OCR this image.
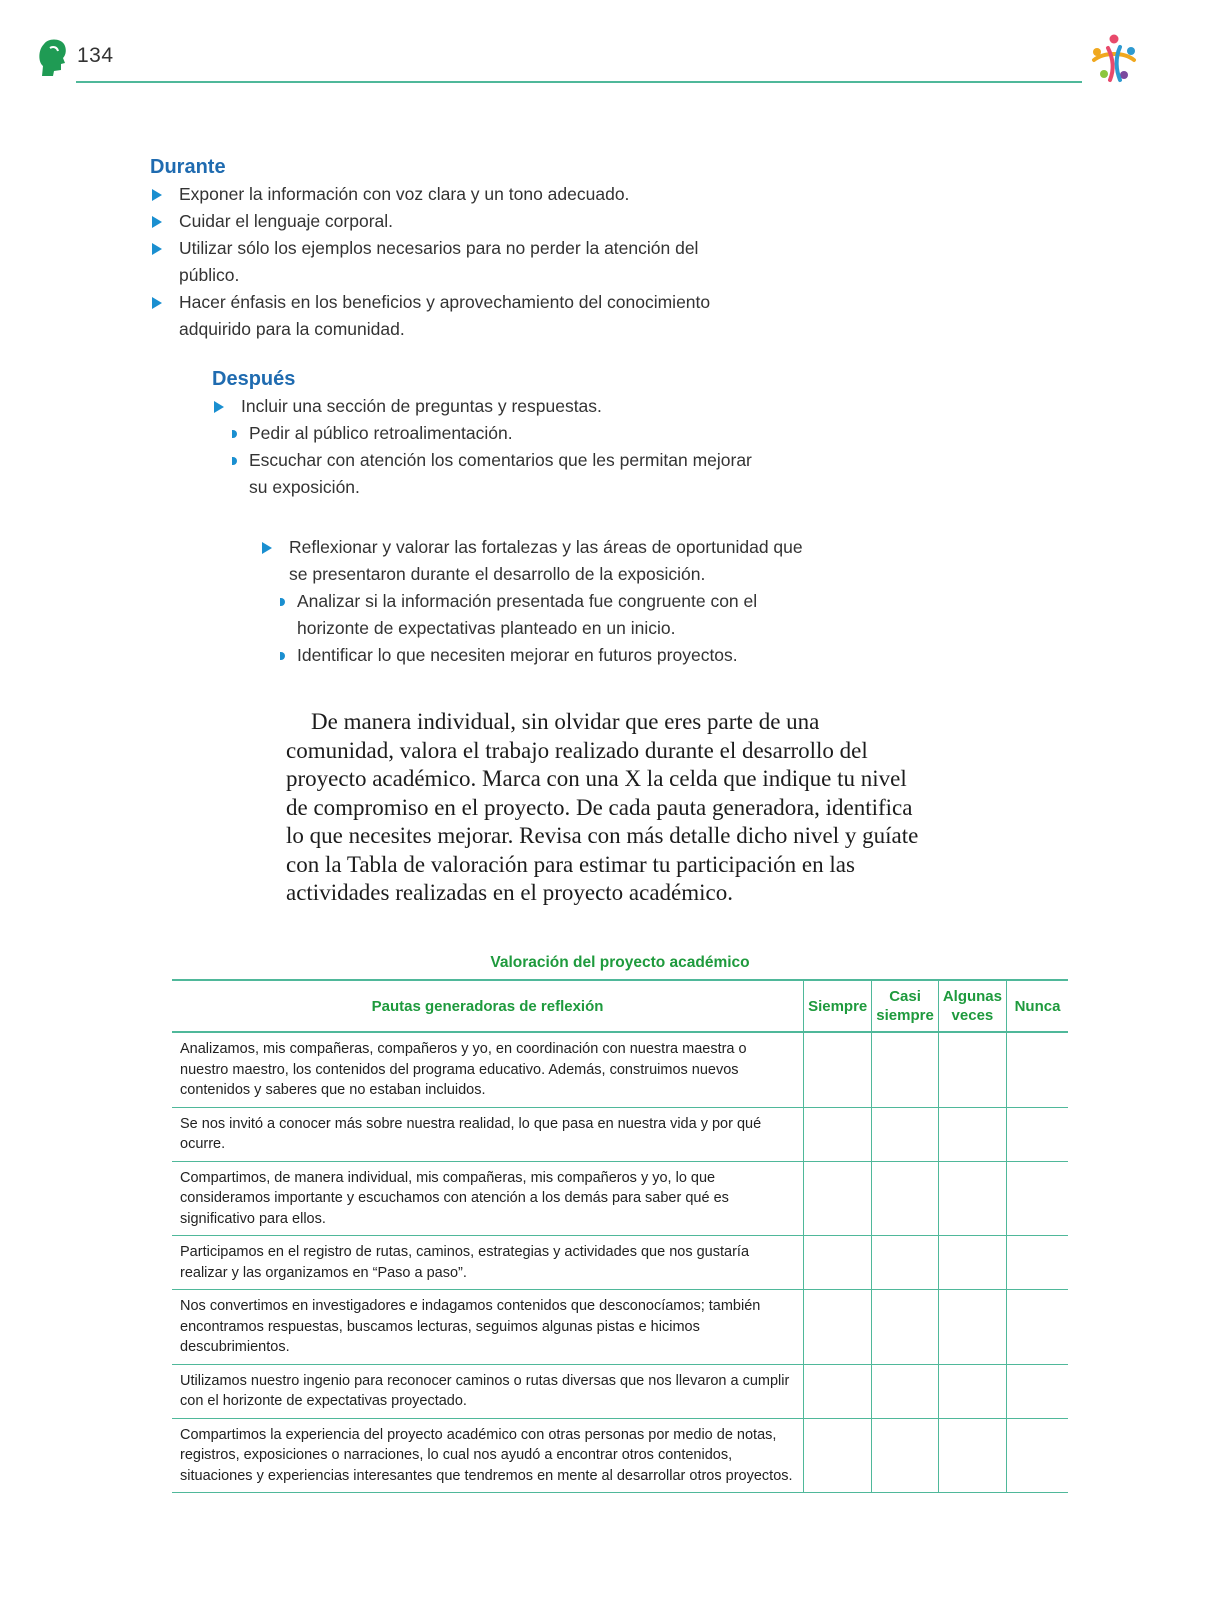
134
Durante
Exponer la información con voz clara y un tono adecuado.
Cuidar el lenguaje corporal.
Utilizar sólo los ejemplos necesarios para no perder la atención del público.
Hacer énfasis en los beneficios y aprovechamiento del conocimiento adquirido para la comunidad.
Después
Incluir una sección de preguntas y respuestas.
Pedir al público retroalimentación.
Escuchar con atención los comentarios que les permitan mejorar su exposición.
Reflexionar y valorar las fortalezas y las áreas de oportunidad que se presentaron durante el desarrollo de la exposición.
Analizar si la información presentada fue congruente con el horizonte de expectativas planteado en un inicio.
Identificar lo que necesiten mejorar en futuros proyectos.

De manera individual, sin olvidar que eres parte de una comunidad, valora el trabajo realizado durante el desarrollo del proyecto académico. Marca con una X la celda que indique tu nivel de compromiso en el proyecto. De cada pauta generadora, identifica lo que necesites mejorar. Revisa con más detalle dicho nivel y guíate con la Tabla de valoración para estimar tu participación en las actividades realizadas en el proyecto académico.

Valoración del proyecto académico
Pautas generadoras de reflexión	Siempre	Casi siempre	Algunas veces	Nunca
Analizamos, mis compañeras, compañeros y yo, en coordinación con nuestra maestra o nuestro maestro, los contenidos del programa educativo. Además, construimos nuevos contenidos y saberes que no estaban incluidos.				
Se nos invitó a conocer más sobre nuestra realidad, lo que pasa en nuestra vida y por qué ocurre.				
Compartimos, de manera individual, mis compañeras, mis compañeros y yo, lo que consideramos importante y escuchamos con atención a los demás para saber qué es significativo para ellos.				
Participamos en el registro de rutas, caminos, estrategias y actividades que nos gustaría realizar y las organizamos en “Paso a paso”.				
Nos convertimos en investigadores e indagamos contenidos que desconocíamos; también encontramos respuestas, buscamos lecturas, seguimos algunas pistas e hicimos descubrimientos.				
Utilizamos nuestro ingenio para reconocer caminos o rutas diversas que nos llevaron a cumplir con el horizonte de expectativas proyectado.				
Compartimos la experiencia del proyecto académico con otras personas por medio de notas, registros, exposiciones o narraciones, lo cual nos ayudó a encontrar otros contenidos, situaciones y experiencias interesantes que tendremos en mente al desarrollar otros proyectos.				
